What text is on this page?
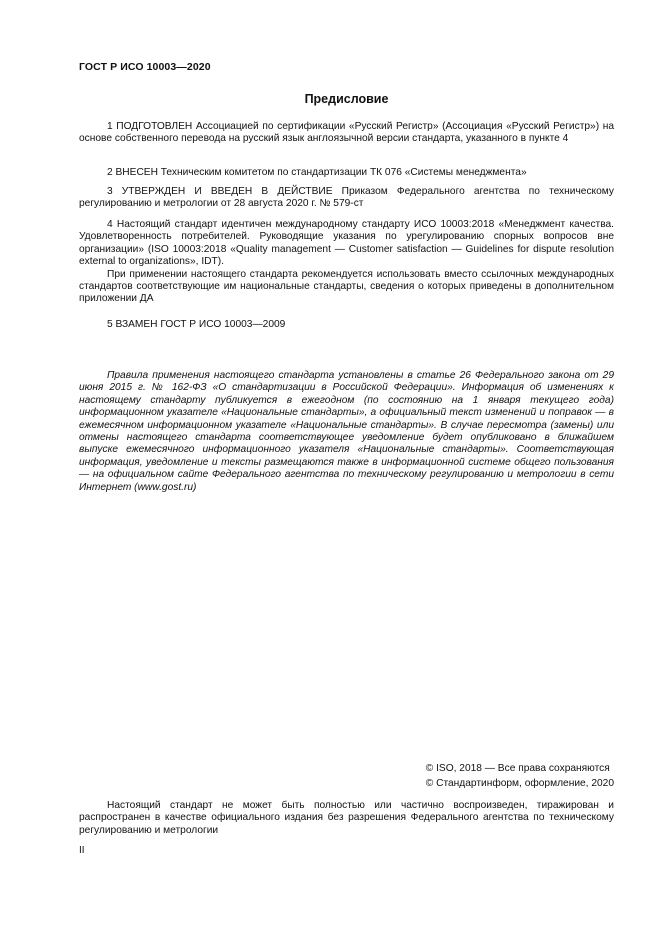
ГОСТ Р ИСО 10003—2020
Предисловие

1 ПОДГОТОВЛЕН Ассоциацией по сертификации «Русский Регистр» (Ассоциация «Русский Регистр») на основе собственного перевода на русский язык англоязычной версии стандарта, указанного в пункте 4

2 ВНЕСЕН Техническим комитетом по стандартизации ТК 076 «Системы менеджмента»

3 УТВЕРЖДЕН И ВВЕДЕН В ДЕЙСТВИЕ Приказом Федерального агентства по техническому регулированию и метрологии от 28 августа 2020 г. № 579-ст

4 Настоящий стандарт идентичен международному стандарту ИСО 10003:2018 «Менеджмент качества. Удовлетворенность потребителей. Руководящие указания по урегулированию спорных вопросов вне организации» (ISO 10003:2018 «Quality management — Customer satisfaction — Guidelines for dispute resolution external to organizations», IDT).

При применении настоящего стандарта рекомендуется использовать вместо ссылочных международных стандартов соответствующие им национальные стандарты, сведения о которых приведены в дополнительном приложении ДА

5 ВЗАМЕН ГОСТ Р ИСО 10003—2009

Правила применения настоящего стандарта установлены в статье 26 Федерального закона от 29 июня 2015 г. № 162-ФЗ «О стандартизации в Российской Федерации». Информация об изменениях к настоящему стандарту публикуется в ежегодном (по состоянию на 1 января текущего года) информационном указателе «Национальные стандарты», а официальный текст изменений и поправок — в ежемесячном информационном указателе «Национальные стандарты». В случае пересмотра (замены) или отмены настоящего стандарта соответствующее уведомление будет опубликовано в ближайшем выпуске ежемесячного информационного указателя «Национальные стандарты». Соответствующая информация, уведомление и тексты размещаются также в информационной системе общего пользования — на официальном сайте Федерального агентства по техническому регулированию и метрологии в сети Интернет (www.gost.ru)

© ISO, 2018 — Все права сохраняются
© Стандартинформ, оформление, 2020

Настоящий стандарт не может быть полностью или частично воспроизведен, тиражирован и распространен в качестве официального издания без разрешения Федерального агентства по техническому регулированию и метрологии

II
